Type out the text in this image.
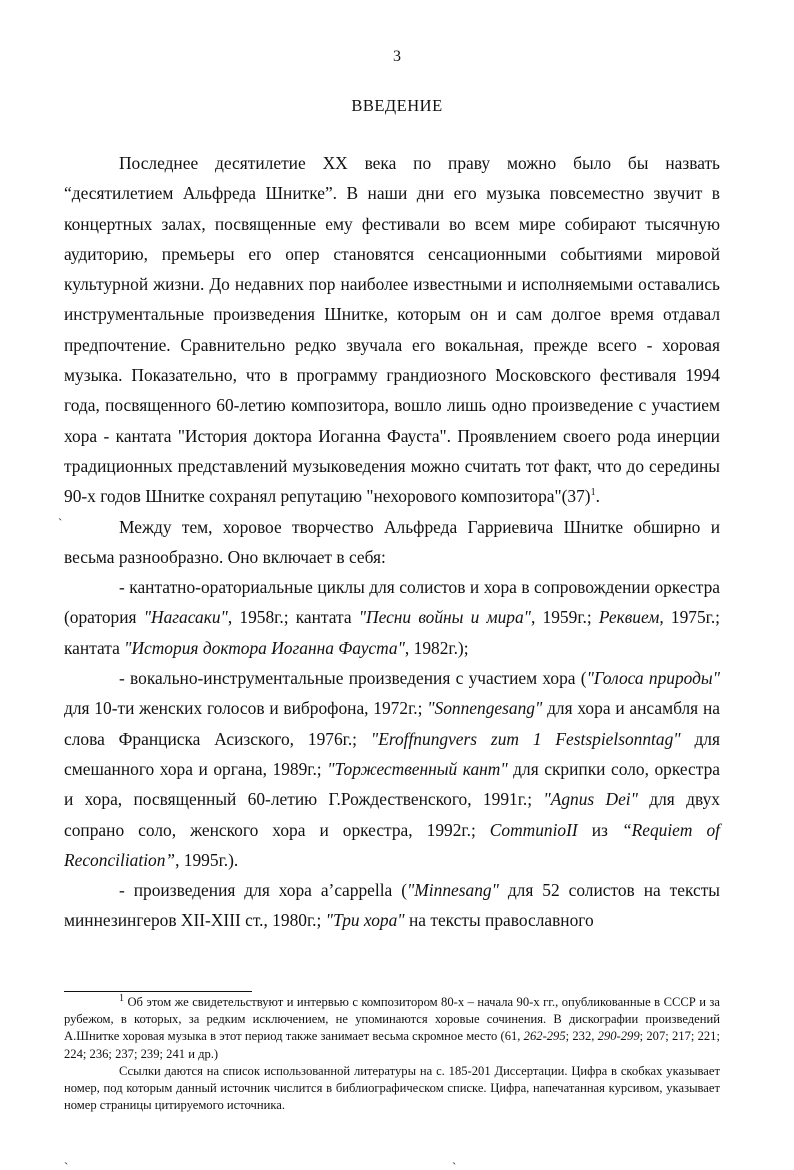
3
ВВЕДЕНИЕ

Последнее десятилетие XX века по праву можно было бы назвать “десятилетием Альфреда Шнитке”. В наши дни его музыка повсеместно звучит в концертных залах, посвященные ему фестивали во всем мире собирают тысячную аудиторию, премьеры его опер становятся сенсационными событиями мировой культурной жизни. До недавних пор наиболее известными и исполняемыми оставались инструментальные произведения Шнитке, которым он и сам долгое время отдавал предпочтение. Сравнительно редко звучала его вокальная, прежде всего - хоровая музыка. Показательно, что в программу грандиозного Московского фестиваля 1994 года, посвященного 60-летию композитора, вошло лишь одно произведение с участием хора - кантата "История доктора Иоганна Фауста". Проявлением своего рода инерции традиционных представлений музыковедения можно считать тот факт, что до середины 90-х годов Шнитке сохранял репутацию "нехорового композитора"(37)$^1$.

Между тем, хоровое творчество Альфреда Гарриевича Шнитке обширно и весьма разнообразно. Оно включает в себя:

- кантатно-ораториальные циклы для солистов и хора в сопровождении оркестра (оратория "Нагасаки", 1958г.; кантата "Песни войны и мира", 1959г.; Реквием, 1975г.; кантата "История доктора Иоганна Фауста", 1982г.);

- вокально-инструментальные произведения с участием хора ("Голоса природы" для 10-ти женских голосов и виброфона, 1972г.; "Sonnengesang" для хора и ансамбля на слова Франциска Асизского, 1976г.; "Eroffnungvers zum 1 Festspielsonntag" для смешанного хора и органа, 1989г.; "Торжественный кант" для скрипки соло, оркестра и хора, посвященный 60-летию Г.Рождественского, 1991г.; "Agnus Dei" для двух сопрано соло, женского хора и оркестра, 1992г.; CommunioII из “Requiem of Reconciliation”, 1995г.).

- произведения для хора а’cappella ("Minnesang" для 52 солистов на тексты миннезингеров XII-XIII ст., 1980г.; "Три хора" на тексты православного

$^1$ Об этом же свидетельствуют и интервью с композитором 80-х – начала 90-х гг., опубликованные в СССР и за рубежом, в которых, за редким исключением, не упоминаются хоровые сочинения. В дискографии произведений А.Шнитке хоровая музыка в этот период также занимает весьма скромное место (61, 262-295; 232, 290-299; 207; 217; 221; 224; 236; 237; 239; 241 и др.)

Ссылки даются на список использованной литературы на с. 185-201 Диссертации. Цифра в скобках указывает номер, под которым данный источник числится в библиографическом списке. Цифра, напечатанная курсивом, указывает номер страницы цитируемого источника.

ˏ
ˏ	ˏ
